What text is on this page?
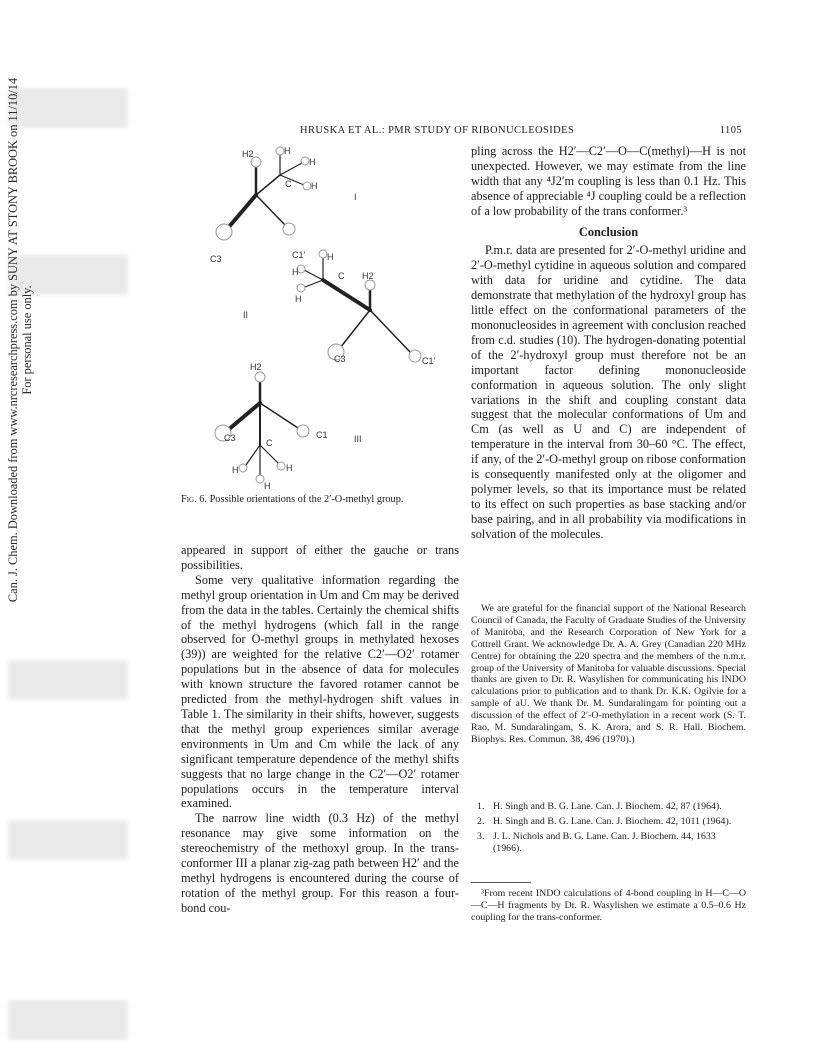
Can. J. Chem. Downloaded from www.nrcresearchpress.com by SUNY AT STONY BROOK on 11/10/14 For personal use only.
HRUSKA ET AL.: PMR STUDY OF RIBONUCLEOSIDES	1105
H2	H
H
H
C
I
C3	C1' H
H
H
C H2
II
C3	C1'
H2
C3	C1	III
C
H	H
H
Fig. 6. Possible orientations of the 2′-O-methyl group.

appeared in support of either the gauche or trans possibilities.

Some very qualitative information regarding the methyl group orientation in Um and Cm may be derived from the data in the tables. Certainly the chemical shifts of the methyl hydrogens (which fall in the range observed for O-methyl groups in methylated hexoses (39)) are weighted for the relative C2′—O2′ rotamer populations but in the absence of data for molecules with known structure the favored rotamer cannot be predicted from the methyl-hydrogen shift values in Table 1. The similarity in their shifts, however, suggests that the methyl group experiences similar average environments in Um and Cm while the lack of any significant temperature dependence of the methyl shifts suggests that no large change in the C2′—O2′ rotamer populations occurs in the temperature interval examined.

The narrow line width (0.3 Hz) of the methyl resonance may give some information on the stereochemistry of the methoxyl group. In the trans-conformer III a planar zig-zag path between H2′ and the methyl hydrogens is encountered during the course of rotation of the methyl group. For this reason a four-bond cou-

pling across the H2′—C2′—O—C(methyl)—H is not unexpected. However, we may estimate from the line width that any ⁴J2′m coupling is less than 0.1 Hz. This absence of appreciable ⁴J coupling could be a reflection of a low probability of the trans conformer.³

Conclusion

P.m.r. data are presented for 2′-O-methyl uridine and 2′-O-methyl cytidine in aqueous solution and compared with data for uridine and cytidine. The data demonstrate that methylation of the hydroxyl group has little effect on the conformational parameters of the mononucleosides in agreement with conclusion reached from c.d. studies (10). The hydrogen-donating potential of the 2′-hydroxyl group must therefore not be an important factor defining mononucleoside conformation in aqueous solution. The only slight variations in the shift and coupling constant data suggest that the molecular conformations of Um and Cm (as well as U and C) are independent of temperature in the interval from 30–60 °C. The effect, if any, of the 2′-O-methyl group on ribose conformation is consequently manifested only at the oligomer and polymer levels, so that its importance must be related to its effect on such properties as base stacking and/or base pairing, and in all probability via modifications in solvation of the molecules.

We are grateful for the financial support of the National Research Council of Canada, the Faculty of Graduate Studies of the University of Manitoba, and the Research Corporation of New York for a Cottrell Grant. We acknowledge Dr. A. A. Grey (Canadian 220 MHz Centre) for obtaining the 220 spectra and the members of the n.m.r. group of the University of Manitoba for valuable discussions. Special thanks are given to Dr. R. Wasylishen for communicating his INDO calculations prior to publication and to thank Dr. K.K. Ogilvie for a sample of aU. We thank Dr. M. Sundaralingam for pointing out a discussion of the effect of 2′-O-methylation in a recent work (S. T. Rao, M. Sundaralingam, S. K. Arora, and S. R. Hall. Biochem. Biophys. Res. Commun. 38, 496 (1970).)
1. H. Singh and B. G. Lane. Can. J. Biochem. 42, 87 (1964).
2. H. Singh and B. G. Lane. Can. J. Biochem. 42, 1011 (1964).
3. J. L. Nichols and B. G. Lane. Can. J. Biochem. 44, 1633 (1966).
³From recent INDO calculations of 4-bond coupling in H—C—O—C—H fragments by Dr. R. Wasylishen we estimate a 0.5–0.6 Hz coupling for the trans-conformer.
